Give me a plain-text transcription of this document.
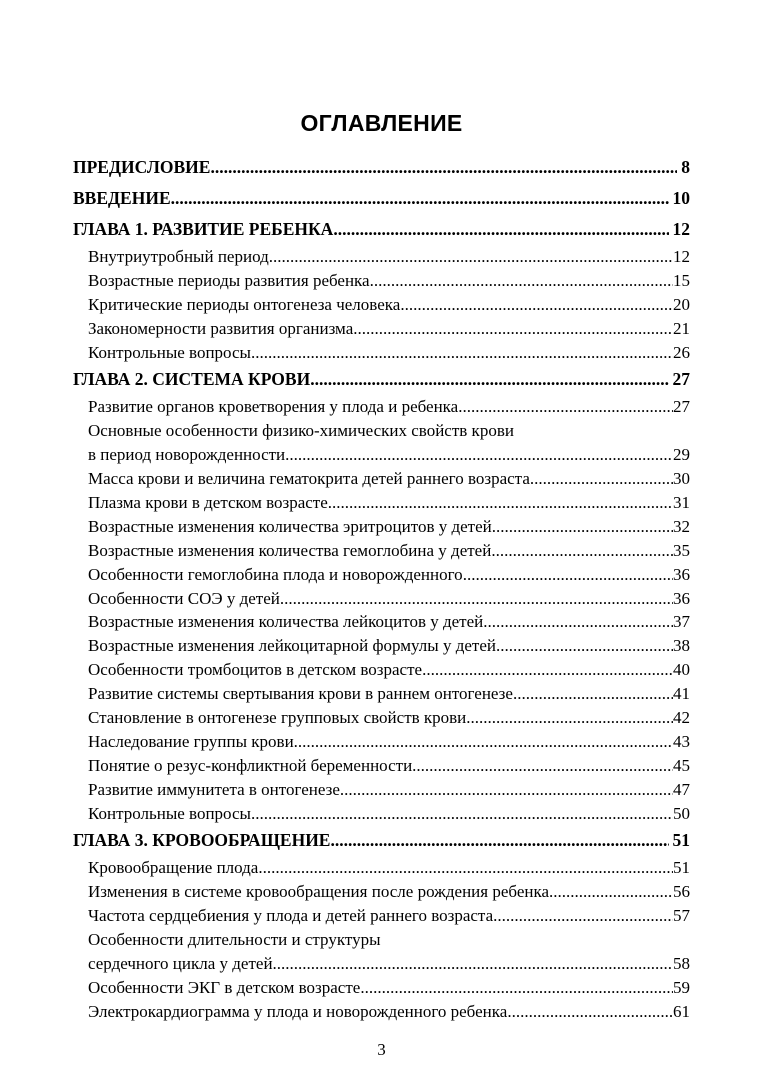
ОГЛАВЛЕНИЕ
ПРЕДИСЛОВИЕ .....	8
ВВЕДЕНИЕ .....	10
ГЛАВА 1. РАЗВИТИЕ РЕБЕНКА .....	12
Внутриутробный период .....	12
Возрастные периоды развития ребенка .....	15
Критические периоды онтогенеза человека .....	20
Закономерности развития организма .....	21
Контрольные вопросы .....	26
ГЛАВА 2. СИСТЕМА КРОВИ .....	27
Развитие органов кроветворения у плода и ребенка .....	27
Основные особенности физико-химических свойств крови
в период новорожденности .....	29
Масса крови и величина гематокрита детей раннего возраста .....	30
Плазма крови в детском возрасте .....	31
Возрастные изменения количества эритроцитов у детей .....	32
Возрастные изменения количества гемоглобина у детей .....	35
Особенности гемоглобина плода и новорожденного .....	36
Особенности СОЭ у детей .....	36
Возрастные изменения количества лейкоцитов у детей .....	37
Возрастные изменения лейкоцитарной формулы у детей .....	38
Особенности тромбоцитов в детском возрасте .....	40
Развитие системы свертывания крови в раннем онтогенезе .....	41
Становление в онтогенезе групповых свойств крови .....	42
Наследование группы крови .....	43
Понятие о резус-конфликтной беременности .....	45
Развитие иммунитета в онтогенезе .....	47
Контрольные вопросы .....	50
ГЛАВА 3. КРОВООБРАЩЕНИЕ .....	51
Кровообращение плода .....	51
Изменения в системе кровообращения после рождения ребенка .....	56
Частота сердцебиения у плода и детей раннего возраста .....	57
Особенности длительности и структуры
сердечного цикла у детей .....	58
Особенности ЭКГ в детском возрасте .....	59
Электрокардиограмма у плода и новорожденного ребенка .....	61
3
